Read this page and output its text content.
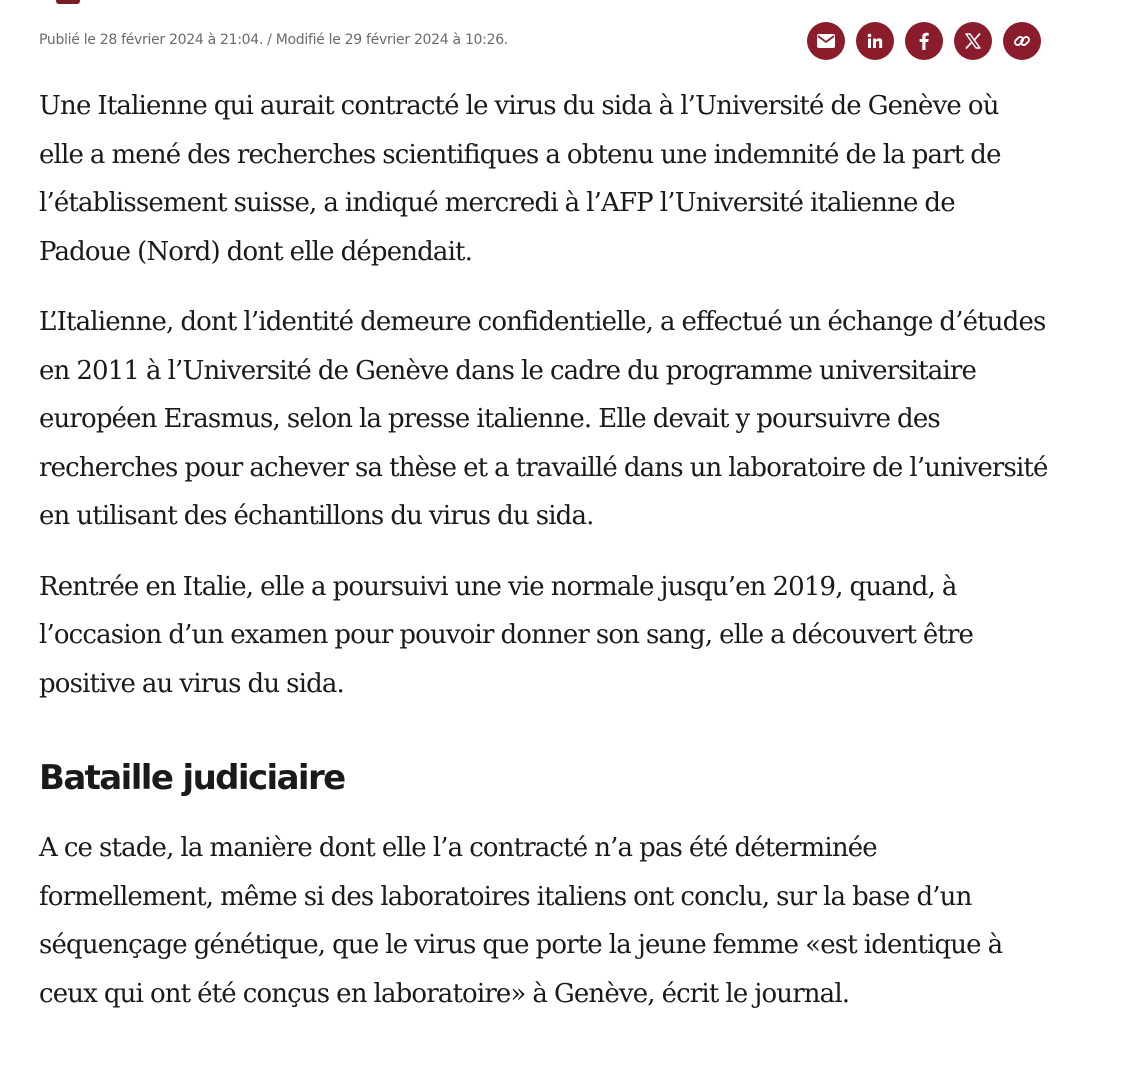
Publié le 28 février 2024 à 21:04. / Modifié le 29 février 2024 à 10:26.

Une Italienne qui aurait contracté le virus du sida à l’Université de Genève où elle a mené des recherches scientifiques a obtenu une indemnité de la part de l’établissement suisse, a indiqué mercredi à l’AFP l’Université italienne de Padoue (Nord) dont elle dépendait.

L’Italienne, dont l’identité demeure confidentielle, a effectué un échange d’études en 2011 à l’Université de Genève dans le cadre du programme universitaire européen Erasmus, selon la presse italienne. Elle devait y poursuivre des recherches pour achever sa thèse et a travaillé dans un laboratoire de l’université en utilisant des échantillons du virus du sida.

Rentrée en Italie, elle a poursuivi une vie normale jusqu’en 2019, quand, à l’occasion d’un examen pour pouvoir donner son sang, elle a découvert être positive au virus du sida.

Bataille judiciaire

A ce stade, la manière dont elle l’a contracté n’a pas été déterminée formellement, même si des laboratoires italiens ont conclu, sur la base d’un séquençage génétique, que le virus que porte la jeune femme «est identique à ceux qui ont été conçus en laboratoire» à Genève, écrit le journal.
